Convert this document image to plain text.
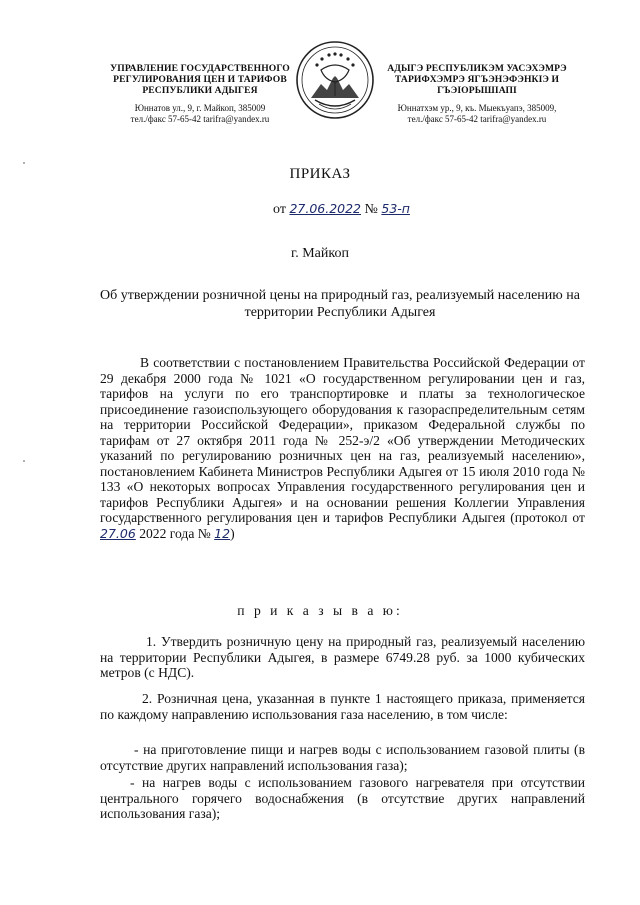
УПРАВЛЕНИЕ ГОСУДАРСТВЕННОГО РЕГУЛИРОВАНИЯ ЦЕН И ТАРИФОВ РЕСПУБЛИКИ АДЫГЕЯ
Юннатов ул., 9, г. Майкоп, 385009
тел./факс 57-65-42 tarifra@yandex.ru
АДЫГЭ РЕСПУБЛИКЭМ УАСЭХЭМРЭ ТАРИФХЭМРЭ ЯГЪЭНЭФЭНКIЭ И ГЪЭIОРЫШIАПI
Юннатхэм ур., 9, къ. Мыекъуапэ, 385009,
тел./факс 57-65-42 tarifra@yandex.ru
ПРИКАЗ
от 27.06.2022 № 53-п
г. Майкоп
Об утверждении розничной цены на природный газ, реализуемый населению на территории Республики Адыгея
В соответствии с постановлением Правительства Российской Федерации от 29 декабря 2000 года № 1021 «О государственном регулировании цен и газ, тарифов на услуги по его транспортировке и платы за технологическое присоединение газоиспользующего оборудования к газораспределительным сетям на территории Российской Федерации», приказом Федеральной службы по тарифам от 27 октября 2011 года № 252-э/2 «Об утверждении Методических указаний по регулированию розничных цен на газ, реализуемый населению», постановлением Кабинета Министров Республики Адыгея от 15 июля 2010 года № 133 «О некоторых вопросах Управления государственного регулирования цен и тарифов Республики Адыгея» и на основании решения Коллегии Управления государственного регулирования цен и тарифов Республики Адыгея (протокол от 27.06 2022 года № 12)
п р и к а з ы в а ю:
1. Утвердить розничную цену на природный газ, реализуемый населению на территории Республики Адыгея, в размере 6749.28 руб. за 1000 кубических метров (с НДС).
2. Розничная цена, указанная в пункте 1 настоящего приказа, применяется по каждому направлению использования газа населению, в том числе:
- на приготовление пищи и нагрев воды с использованием газовой плиты (в отсутствие других направлений использования газа);
- на нагрев воды с использованием газового нагревателя при отсутствии центрального горячего водоснабжения (в отсутствие других направлений использования газа);
